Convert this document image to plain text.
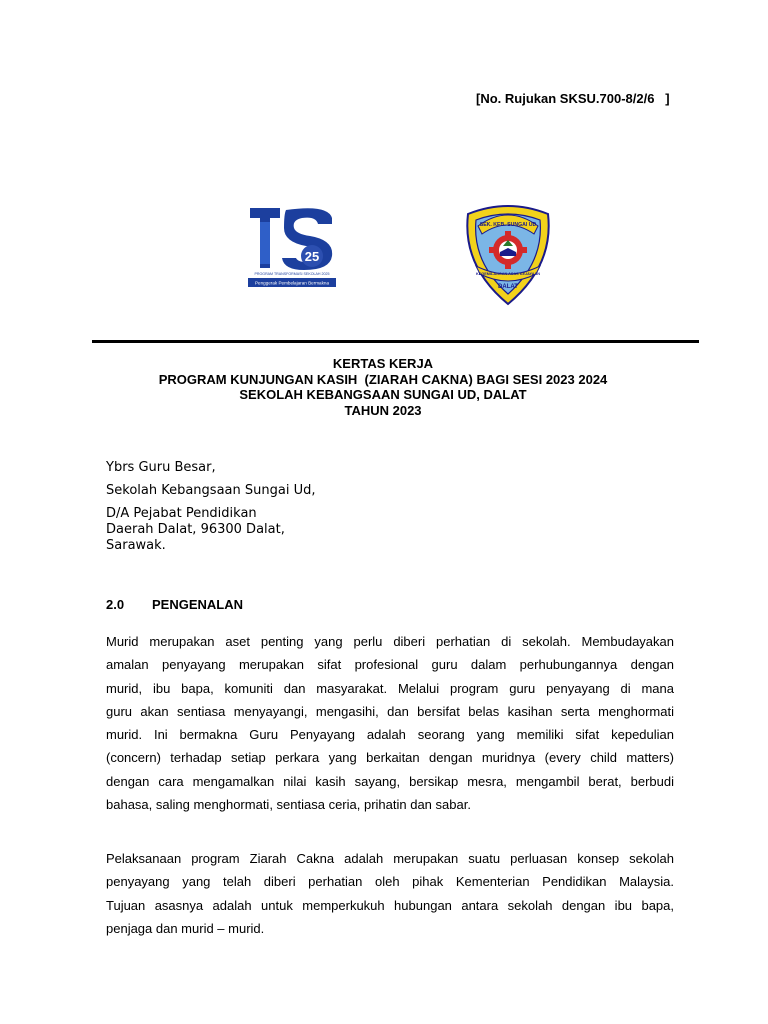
[No. Rujukan SKSU.700-8/2/6   ]
25
PROGRAM TRANSFORMASI SEKOLAH 2025
Penggerak Pembelajaran Bermakna
SEK. KEB. SUNGAI UD
KEGEMILANGAN ASAS KEJAYAAN
DALAT
KERTAS KERJA
PROGRAM KUNJUNGAN KASIH  (ZIARAH CAKNA) BAGI SESI 2023 2024
SEKOLAH KEBANGSAAN SUNGAI UD, DALAT
TAHUN 2023
Ybrs Guru Besar,
Sekolah Kebangsaan Sungai Ud,
D/A Pejabat Pendidikan
Daerah Dalat, 96300 Dalat,
Sarawak.
2.0 PENGENALAN
Murid merupakan aset penting yang perlu diberi perhatian di sekolah. Membudayakan
amalan penyayang merupakan sifat profesional guru dalam perhubungannya dengan
murid, ibu bapa, komuniti dan masyarakat. Melalui program guru penyayang di mana
guru akan sentiasa menyayangi, mengasihi, dan bersifat belas kasihan serta menghormati
murid. Ini bermakna Guru Penyayang adalah seorang yang memiliki sifat kepedulian
(concern) terhadap setiap perkara yang berkaitan dengan muridnya (every child matters)
dengan cara mengamalkan nilai kasih sayang, bersikap mesra, mengambil berat, berbudi
bahasa, saling menghormati, sentiasa ceria, prihatin dan sabar.
Pelaksanaan program Ziarah Cakna adalah merupakan suatu perluasan konsep sekolah
penyayang yang telah diberi perhatian oleh pihak Kementerian Pendidikan Malaysia.
Tujuan asasnya adalah untuk memperkukuh hubungan antara sekolah dengan ibu bapa,
penjaga dan murid – murid.
